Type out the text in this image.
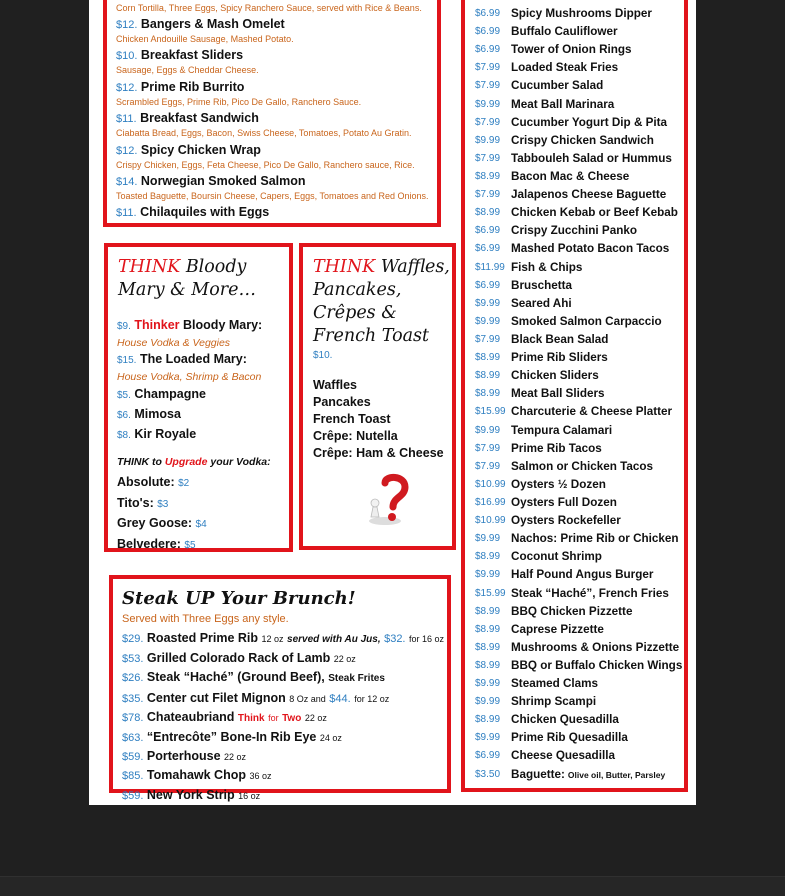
Corn Tortilla, Three Eggs, Spicy Ranchero Sauce, served with Rice & Beans.
$12. Bangers & Mash Omelet
Chicken Andouille Sausage, Mashed Potato.
$10. Breakfast Sliders
Sausage, Eggs & Cheddar Cheese.
$12. Prime Rib Burrito
Scrambled Eggs, Prime Rib, Pico De Gallo, Ranchero Sauce.
$11. Breakfast Sandwich
Ciabatta Bread, Eggs, Bacon, Swiss Cheese, Tomatoes, Potato Au Gratin.
$12. Spicy Chicken Wrap
Crispy Chicken, Eggs, Feta Cheese, Pico De Gallo, Ranchero sauce, Rice.
$14. Norwegian Smoked Salmon
Toasted Baguette, Boursin Cheese, Capers, Eggs, Tomatoes and Red Onions.
$11. Chilaquiles with Eggs
THINK Bloody
Mary & More…
$9. Thinker Bloody Mary:
House Vodka & Veggies
$15. The Loaded Mary:
House Vodka, Shrimp & Bacon
$5. Champagne
$6. Mimosa
$8. Kir Royale
THINK to Upgrade your Vodka:
Absolute: $2
Tito's: $3
Grey Goose: $4
Belvedere: $5
THINK Waffles,
Pancakes,
Crêpes &
French Toast
$10.
Waffles
Pancakes
French Toast
Crêpe: Nutella
Crêpe: Ham & Cheese
Steak UP Your Brunch!
Served with Three Eggs any style.
$29. Roasted Prime Rib 12 oz served with Au Jus, $32. for 16 oz
$53. Grilled Colorado Rack of Lamb 22 oz
$26. Steak “Haché” (Ground Beef), Steak Frites
$35. Center cut Filet Mignon 8 Oz and $44. for 12 oz
$78. Chateaubriand Think for Two 22 oz
$63. “Entrecôte” Bone-In Rib Eye 24 oz
$59. Porterhouse 22 oz
$85. Tomahawk Chop 36 oz
$59. New York Strip 16 oz
$6.99 Spicy Mushrooms Dipper
$6.99 Buffalo Cauliflower
$6.99 Tower of Onion Rings
$7.99 Loaded Steak Fries
$7.99 Cucumber Salad
$9.99 Meat Ball Marinara
$7.99 Cucumber Yogurt Dip & Pita
$9.99 Crispy Chicken Sandwich
$7.99 Tabbouleh Salad or Hummus
$8.99 Bacon Mac & Cheese
$7.99 Jalapenos Cheese Baguette
$8.99 Chicken Kebab or Beef Kebab
$6.99 Crispy Zucchini Panko
$6.99 Mashed Potato Bacon Tacos
$11.99 Fish & Chips
$6.99 Bruschetta
$9.99 Seared Ahi
$9.99 Smoked Salmon Carpaccio
$7.99 Black Bean Salad
$8.99 Prime Rib Sliders
$8.99 Chicken Sliders
$8.99 Meat Ball Sliders
$15.99 Charcuterie & Cheese Platter
$9.99 Tempura Calamari
$7.99 Prime Rib Tacos
$7.99 Salmon or Chicken Tacos
$10.99 Oysters ½ Dozen
$16.99 Oysters Full Dozen
$10.99 Oysters Rockefeller
$9.99 Nachos: Prime Rib or Chicken
$8.99 Coconut Shrimp
$9.99 Half Pound Angus Burger
$15.99 Steak “Haché”, French Fries
$8.99 BBQ Chicken Pizzette
$8.99 Caprese Pizzette
$8.99 Mushrooms & Onions Pizzette
$8.99 BBQ or Buffalo Chicken Wings
$9.99 Steamed Clams
$9.99 Shrimp Scampi
$8.99 Chicken Quesadilla
$9.99 Prime Rib Quesadilla
$6.99 Cheese Quesadilla
$3.50 Baguette: Olive oil, Butter, Parsley
